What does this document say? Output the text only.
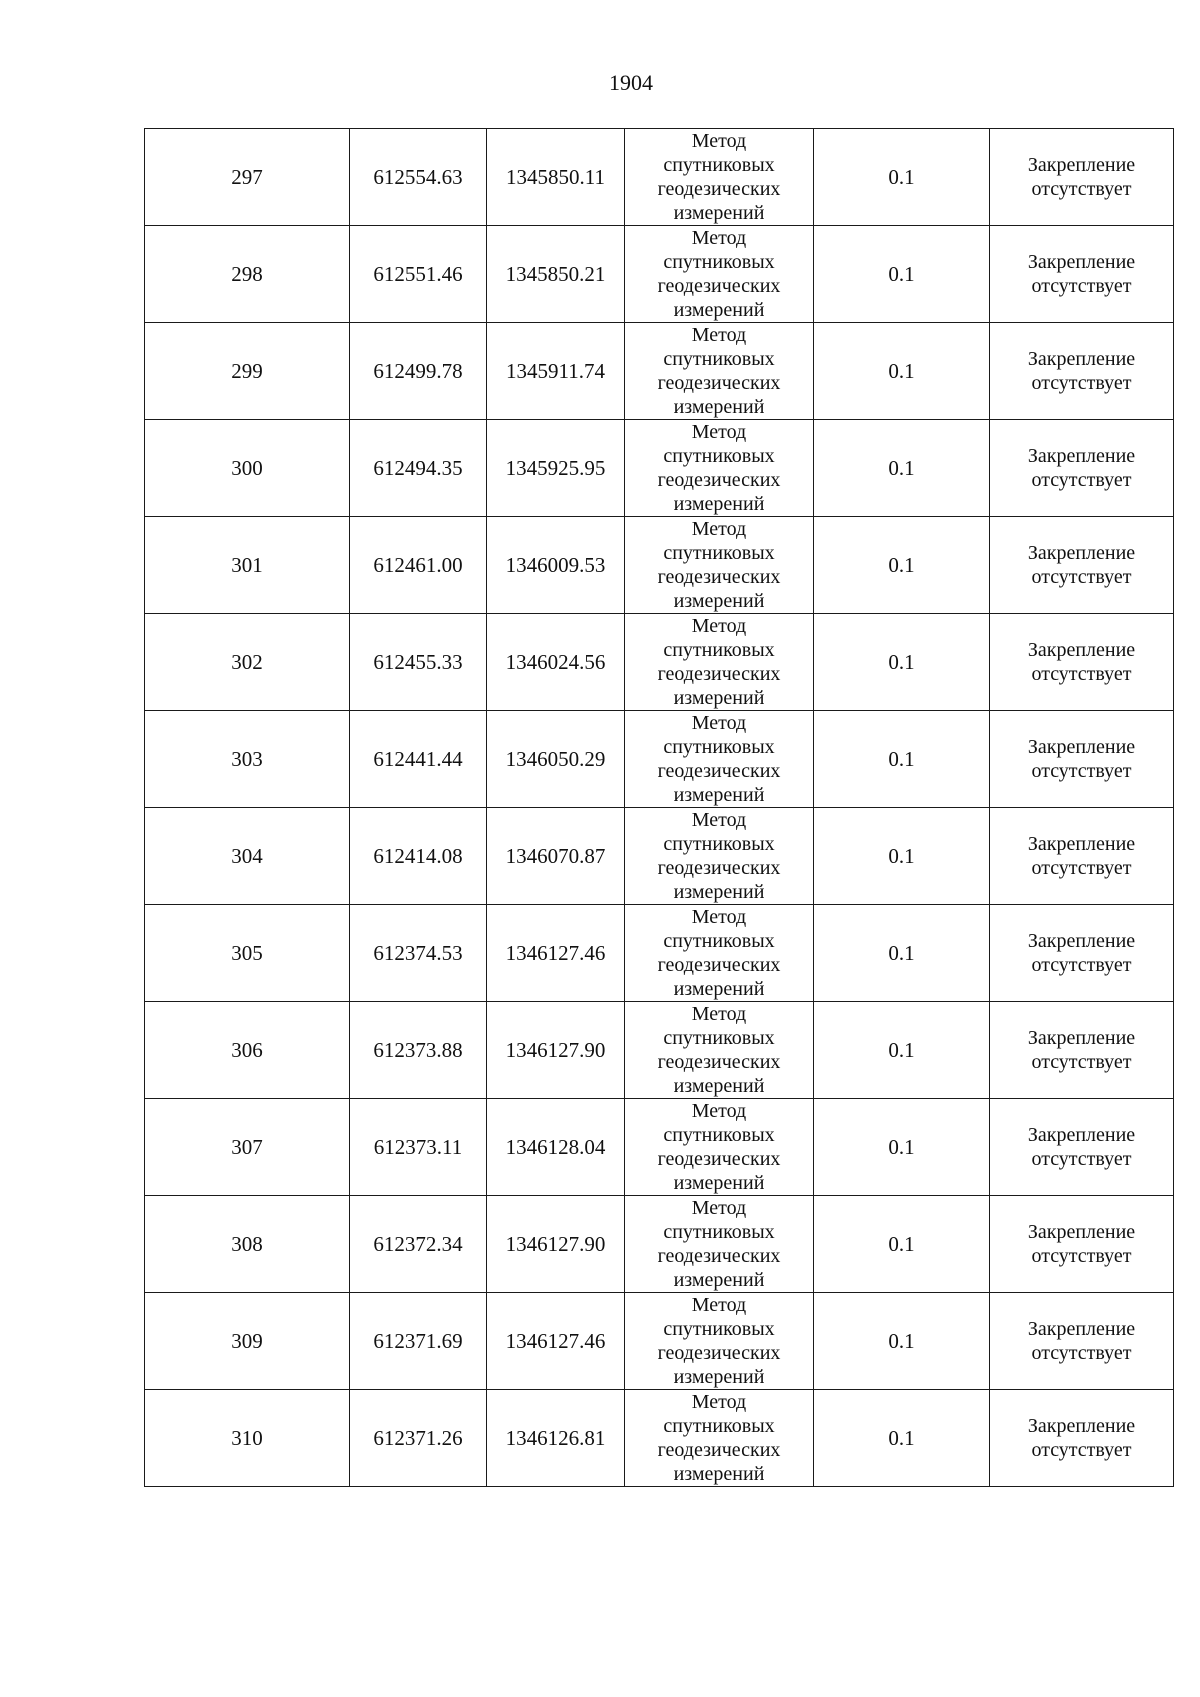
1904
297	612554.63	1345850.11	Метод
спутниковых
геодезических
измерений	0.1	Закрепление
отсутствует

298	612551.46	1345850.21	Метод
спутниковых
геодезических
измерений	0.1	Закрепление
отсутствует

299	612499.78	1345911.74	Метод
спутниковых
геодезических
измерений	0.1	Закрепление
отсутствует

300	612494.35	1345925.95	Метод
спутниковых
геодезических
измерений	0.1	Закрепление
отсутствует

301	612461.00	1346009.53	Метод
спутниковых
геодезических
измерений	0.1	Закрепление
отсутствует

302	612455.33	1346024.56	Метод
спутниковых
геодезических
измерений	0.1	Закрепление
отсутствует

303	612441.44	1346050.29	Метод
спутниковых
геодезических
измерений	0.1	Закрепление
отсутствует

304	612414.08	1346070.87	Метод
спутниковых
геодезических
измерений	0.1	Закрепление
отсутствует

305	612374.53	1346127.46	Метод
спутниковых
геодезических
измерений	0.1	Закрепление
отсутствует

306	612373.88	1346127.90	Метод
спутниковых
геодезических
измерений	0.1	Закрепление
отсутствует

307	612373.11	1346128.04	Метод
спутниковых
геодезических
измерений	0.1	Закрепление
отсутствует

308	612372.34	1346127.90	Метод
спутниковых
геодезических
измерений	0.1	Закрепление
отсутствует

309	612371.69	1346127.46	Метод
спутниковых
геодезических
измерений	0.1	Закрепление
отсутствует

310	612371.26	1346126.81	Метод
спутниковых
геодезических
измерений	0.1	Закрепление
отсутствует
